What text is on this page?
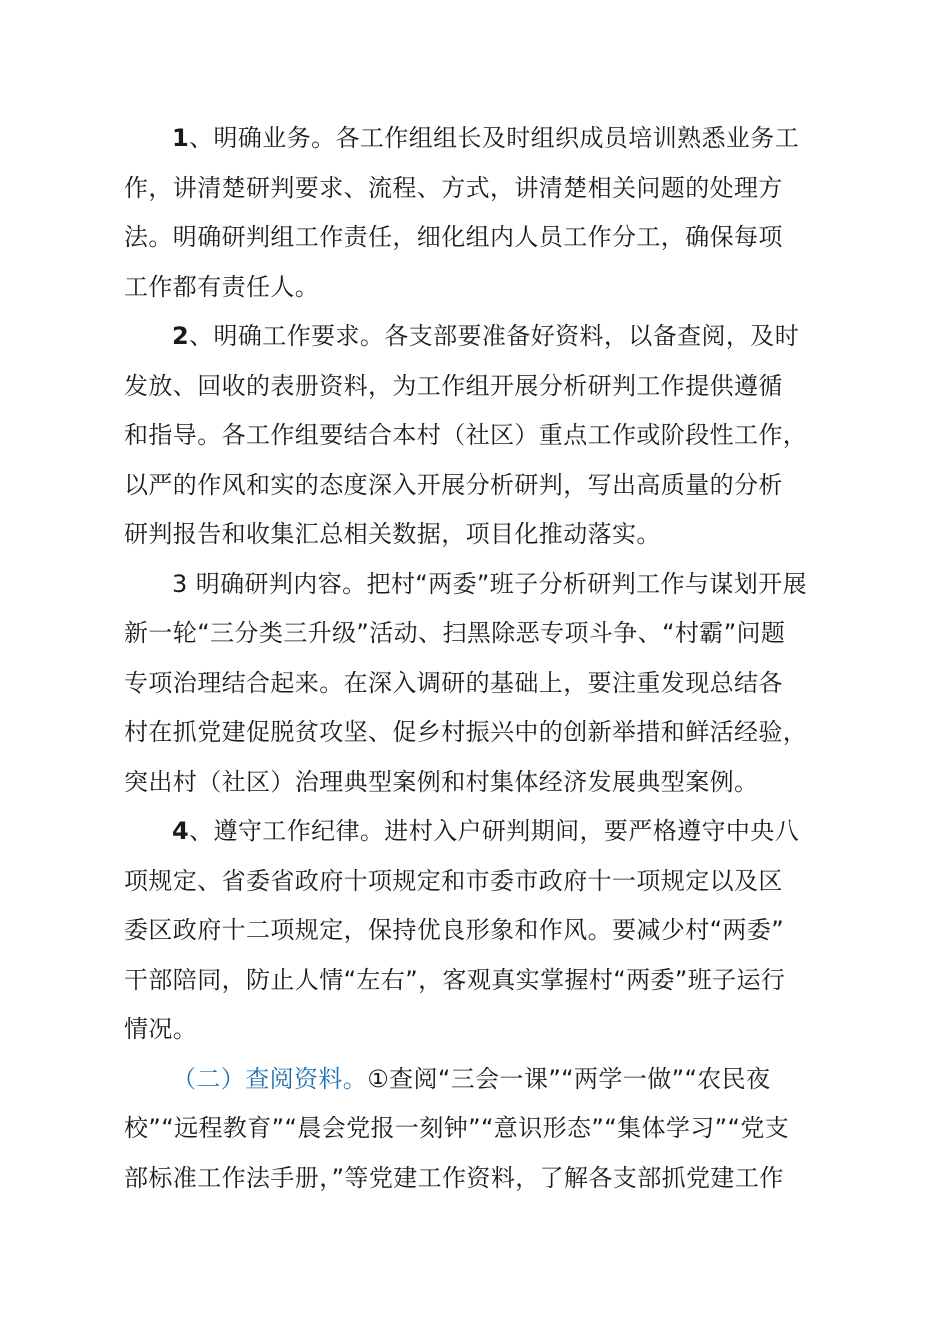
1、明确业务。各工作组组长及时组织成员培训熟悉业务工
作，讲清楚研判要求、流程、方式，讲清楚相关问题的处理方
法。明确研判组工作责任，细化组内人员工作分工，确保每项
工作都有责任人。

2、明确工作要求。各支部要准备好资料，以备查阅，及时
发放、回收的表册资料，为工作组开展分析研判工作提供遵循
和指导。各工作组要结合本村（社区）重点工作或阶段性工作，
以严的作风和实的态度深入开展分析研判，写出高质量的分析
研判报告和收集汇总相关数据，项目化推动落实。

3 明确研判内容。把村“两委”班子分析研判工作与谋划开展
新一轮“三分类三升级”活动、扫黑除恶专项斗争、“村霸”问题
专项治理结合起来。在深入调研的基础上，要注重发现总结各
村在抓党建促脱贫攻坚、促乡村振兴中的创新举措和鲜活经验，
突出村（社区）治理典型案例和村集体经济发展典型案例。

4、遵守工作纪律。进村入户研判期间，要严格遵守中央八
项规定、省委省政府十项规定和市委市政府十一项规定以及区
委区政府十二项规定，保持优良形象和作风。要减少村“两委”
干部陪同，防止人情“左右”，客观真实掌握村“两委”班子运行
情况。

（二）查阅资料。①查阅“三会一课”“两学一做”“农民夜
校”“远程教育”“晨会党报一刻钟”“意识形态”“集体学习”“党支
部标准工作法手册，”等党建工作资料，了解各支部抓党建工作
